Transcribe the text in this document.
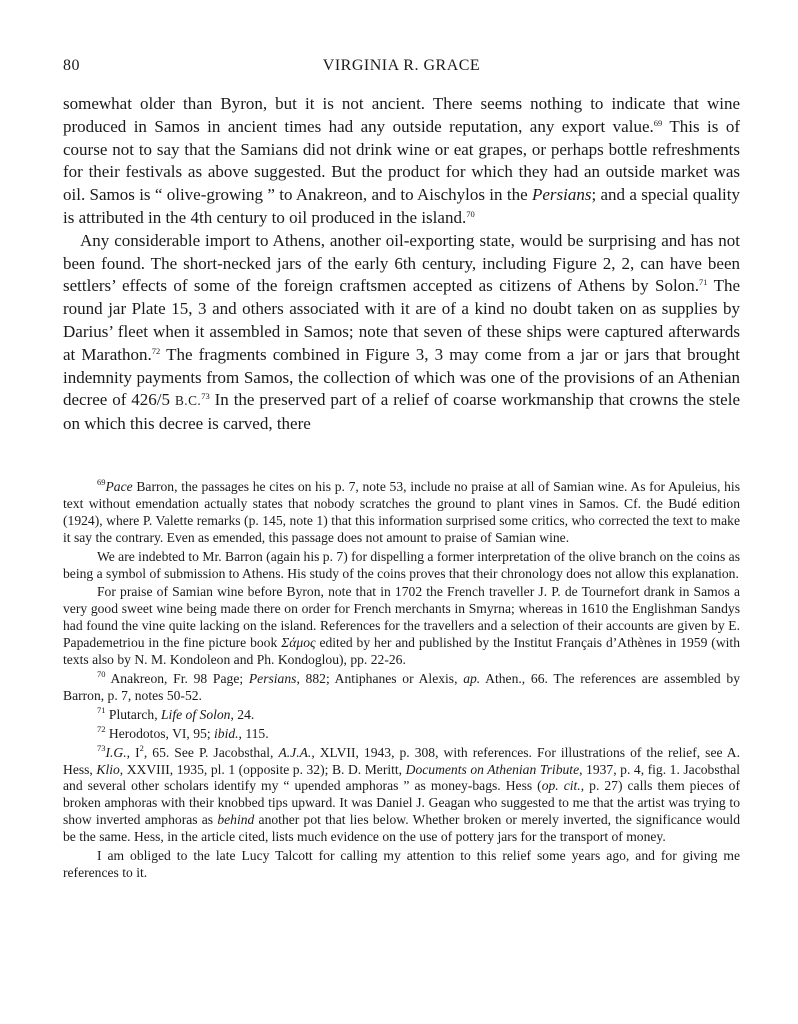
80	VIRGINIA R. GRACE

somewhat older than Byron, but it is not ancient. There seems nothing to indicate that wine produced in Samos in ancient times had any outside reputation, any export value.$^{69}$ This is of course not to say that the Samians did not drink wine or eat grapes, or perhaps bottle refreshments for their festivals as above suggested. But the product for which they had an outside market was oil. Samos is “ olive-growing ” to Anakreon, and to Aischylos in the Persians; and a special quality is attributed in the 4th century to oil produced in the island.$^{70}$

Any considerable import to Athens, another oil-exporting state, would be surprising and has not been found. The short-necked jars of the early 6th century, including Figure 2, 2, can have been settlers’ effects of some of the foreign craftsmen accepted as citizens of Athens by Solon.$^{71}$ The round jar Plate 15, 3 and others associated with it are of a kind no doubt taken on as supplies by Darius’ fleet when it assembled in Samos; note that seven of these ships were captured afterwards at Marathon.$^{72}$ The fragments combined in Figure 3, 3 may come from a jar or jars that brought indemnity payments from Samos, the collection of which was one of the provisions of an Athenian decree of 426/5 B.C.$^{73}$ In the preserved part of a relief of coarse workmanship that crowns the stele on which this decree is carved, there

$^{69}$Pace Barron, the passages he cites on his p. 7, note 53, include no praise at all of Samian wine. As for Apuleius, his text without emendation actually states that nobody scratches the ground to plant vines in Samos. Cf. the Budé edition (1924), where P. Valette remarks (p. 145, note 1) that this information surprised some critics, who corrected the text to make it say the contrary. Even as emended, this passage does not amount to praise of Samian wine.

We are indebted to Mr. Barron (again his p. 7) for dispelling a former interpretation of the olive branch on the coins as being a symbol of submission to Athens. His study of the coins proves that their chronology does not allow this explanation.

For praise of Samian wine before Byron, note that in 1702 the French traveller J. P. de Tournefort drank in Samos a very good sweet wine being made there on order for French merchants in Smyrna; whereas in 1610 the Englishman Sandys had found the vine quite lacking on the island. References for the travellers and a selection of their accounts are given by E. Papademetriou in the fine picture book Σάμος edited by her and published by the Institut Français d’Athènes in 1959 (with texts also by N. M. Kondoleon and Ph. Kondoglou), pp. 22-26.

$^{70}$ Anakreon, Fr. 98 Page; Persians, 882; Antiphanes or Alexis, ap. Athen., 66. The references are assembled by Barron, p. 7, notes 50-52.

$^{71}$ Plutarch, Life of Solon, 24.

$^{72}$ Herodotos, VI, 95; ibid., 115.

$^{73}$I.G., $I^2$, 65. See P. Jacobsthal, A.J.A., XLVII, 1943, p. 308, with references. For illustrations of the relief, see A. Hess, Klio, XXVIII, 1935, pl. 1 (opposite p. 32); B. D. Meritt, Documents on Athenian Tribute, 1937, p. 4, fig. 1. Jacobsthal and several other scholars identify my “ upended amphoras ” as money-bags. Hess (op. cit., p. 27) calls them pieces of broken amphoras with their knobbed tips upward. It was Daniel J. Geagan who suggested to me that the artist was trying to show inverted amphoras as behind another pot that lies below. Whether broken or merely inverted, the significance would be the same. Hess, in the article cited, lists much evidence on the use of pottery jars for the transport of money.

I am obliged to the late Lucy Talcott for calling my attention to this relief some years ago, and for giving me references to it.
